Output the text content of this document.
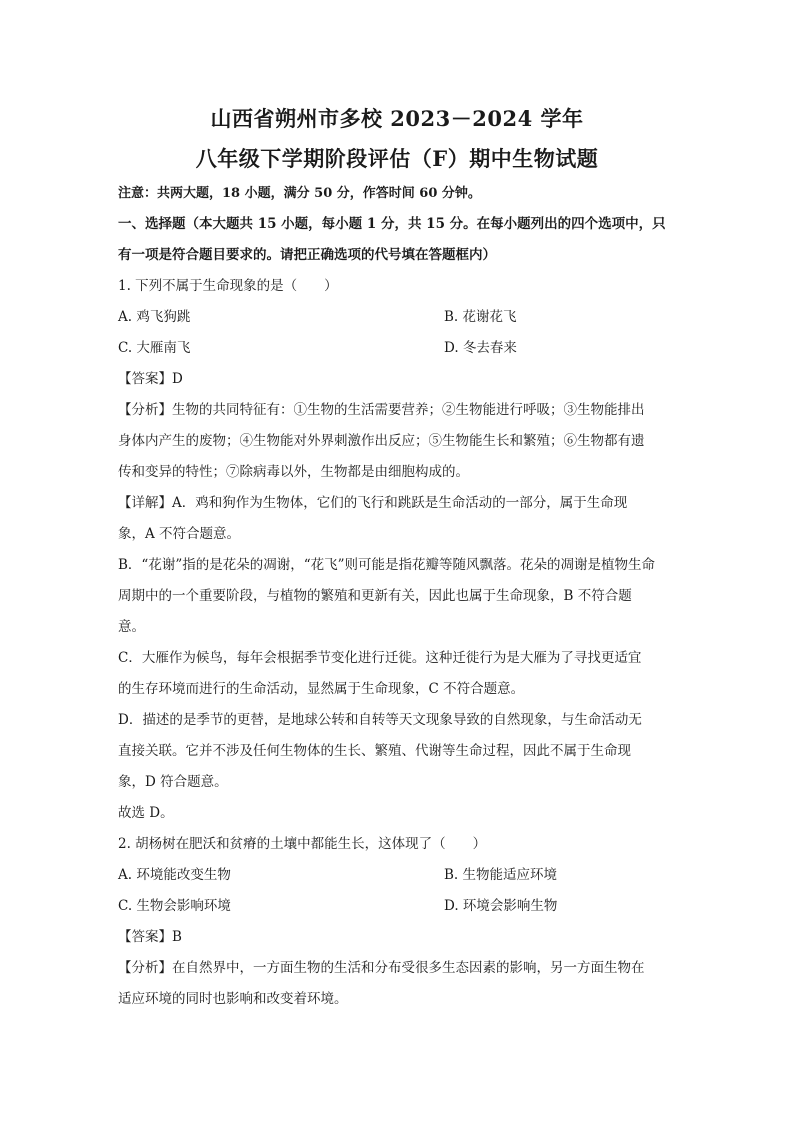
山西省朔州市多校 2023－2024 学年
八年级下学期阶段评估（F）期中生物试题
注意：共两大题，18 小题，满分 50 分，作答时间 60 分钟。
一、选择题（本大题共 15 小题，每小题 1 分，共 15 分。在每小题列出的四个选项中，只
有一项是符合题目要求的。请把正确选项的代号填在答题框内）
1. 下列不属于生命现象的是（　　）
A. 鸡飞狗跳	B. 花谢花飞
C. 大雁南飞	D. 冬去春来
【答案】D
【分析】生物的共同特征有：①生物的生活需要营养；②生物能进行呼吸；③生物能排出
身体内产生的废物；④生物能对外界刺激作出反应；⑤生物能生长和繁殖；⑥生物都有遗
传和变异的特性；⑦除病毒以外，生物都是由细胞构成的。
【详解】A．鸡和狗作为生物体，它们的飞行和跳跃是生命活动的一部分，属于生命现
象，A 不符合题意。
B．“花谢”指的是花朵的凋谢，“花飞”则可能是指花瓣等随风飘落。花朵的凋谢是植物生命
周期中的一个重要阶段，与植物的繁殖和更新有关，因此也属于生命现象，B 不符合题
意。
C．大雁作为候鸟，每年会根据季节变化进行迁徙。这种迁徙行为是大雁为了寻找更适宜
的生存环境而进行的生命活动，显然属于生命现象，C 不符合题意。
D．描述的是季节的更替，是地球公转和自转等天文现象导致的自然现象，与生命活动无
直接关联。它并不涉及任何生物体的生长、繁殖、代谢等生命过程，因此不属于生命现
象，D 符合题意。
故选 D。
2. 胡杨树在肥沃和贫瘠的土壤中都能生长，这体现了（　　）
A. 环境能改变生物	B. 生物能适应环境
C. 生物会影响环境	D. 环境会影响生物
【答案】B
【分析】在自然界中，一方面生物的生活和分布受很多生态因素的影响，另一方面生物在
适应环境的同时也影响和改变着环境。
